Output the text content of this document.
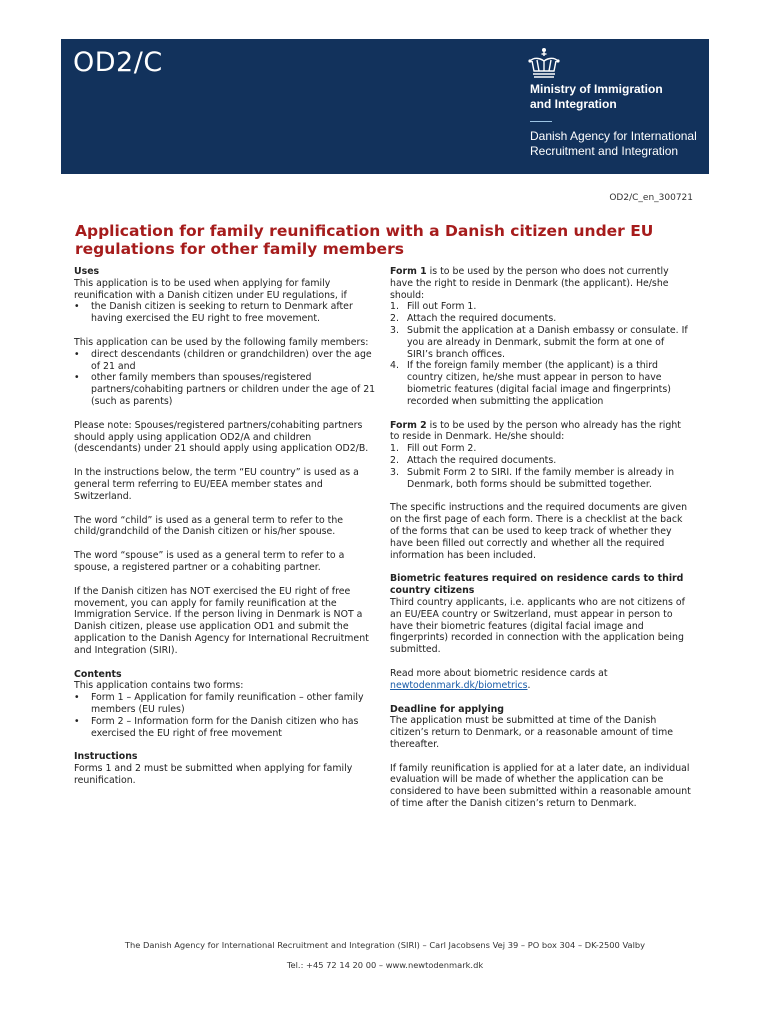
OD2/C
Ministry of Immigration
and Integration
Danish Agency for International
Recruitment and Integration
OD2/C_en_300721
Application for family reunification with a Danish citizen under EU
regulations for other family members
Uses

This application is to be used when applying for family reunification with a Danish citizen under EU regulations, if

• the Danish citizen is seeking to return to Denmark after having exercised the EU right to free movement.

This application can be used by the following family members:

• direct descendants (children or grandchildren) over the age of 21 and
• other family members than spouses/registered partners/cohabiting partners or children under the age of 21 (such as parents)

Please note: Spouses/registered partners/cohabiting partners should apply using application OD2/A and children (descendants) under 21 should apply using application OD2/B.

In the instructions below, the term “EU country” is used as a general term referring to EU/EEA member states and Switzerland.

The word “child” is used as a general term to refer to the child/grandchild of the Danish citizen or his/her spouse.

The word “spouse” is used as a general term to refer to a spouse, a registered partner or a cohabiting partner.

If the Danish citizen has NOT exercised the EU right of free movement, you can apply for family reunification at the Immigration Service. If the person living in Denmark is NOT a Danish citizen, please use application OD1 and submit the application to the Danish Agency for International Recruitment and Integration (SIRI).

Contents

This application contains two forms:

• Form 1 – Application for family reunification – other family members (EU rules)
• Form 2 – Information form for the Danish citizen who has exercised the EU right of free movement
Instructions

Forms 1 and 2 must be submitted when applying for family reunification.

Form 1 is to be used by the person who does not currently have the right to reside in Denmark (the applicant). He/she should:

1. Fill out Form 1.
2. Attach the required documents.
3. Submit the application at a Danish embassy or consulate. If you are already in Denmark, submit the form at one of SIRI’s branch offices.
4. If the foreign family member (the applicant) is a third country citizen, he/she must appear in person to have biometric features (digital facial image and fingerprints) recorded when submitting the application

Form 2 is to be used by the person who already has the right to reside in Denmark. He/she should:

1. Fill out Form 2.
2. Attach the required documents.
3. Submit Form 2 to SIRI. If the family member is already in Denmark, both forms should be submitted together.

The specific instructions and the required documents are given on the first page of each form. There is a checklist at the back of the forms that can be used to keep track of whether they have been filled out correctly and whether all the required information has been included.

Biometric features required on residence cards to third country citizens

Third country applicants, i.e. applicants who are not citizens of an EU/EEA country or Switzerland, must appear in person to have their biometric features (digital facial image and fingerprints) recorded in connection with the application being submitted.

Read more about biometric residence cards at
newtodenmark.dk/biometrics.

Deadline for applying

The application must be submitted at time of the Danish citizen’s return to Denmark, or a reasonable amount of time thereafter.

If family reunification is applied for at a later date, an individual evaluation will be made of whether the application can be considered to have been submitted within a reasonable amount of time after the Danish citizen’s return to Denmark.

The Danish Agency for International Recruitment and Integration (SIRI) – Carl Jacobsens Vej 39 – PO box 304 – DK-2500 Valby
Tel.: +45 72 14 20 00 – www.newtodenmark.dk
